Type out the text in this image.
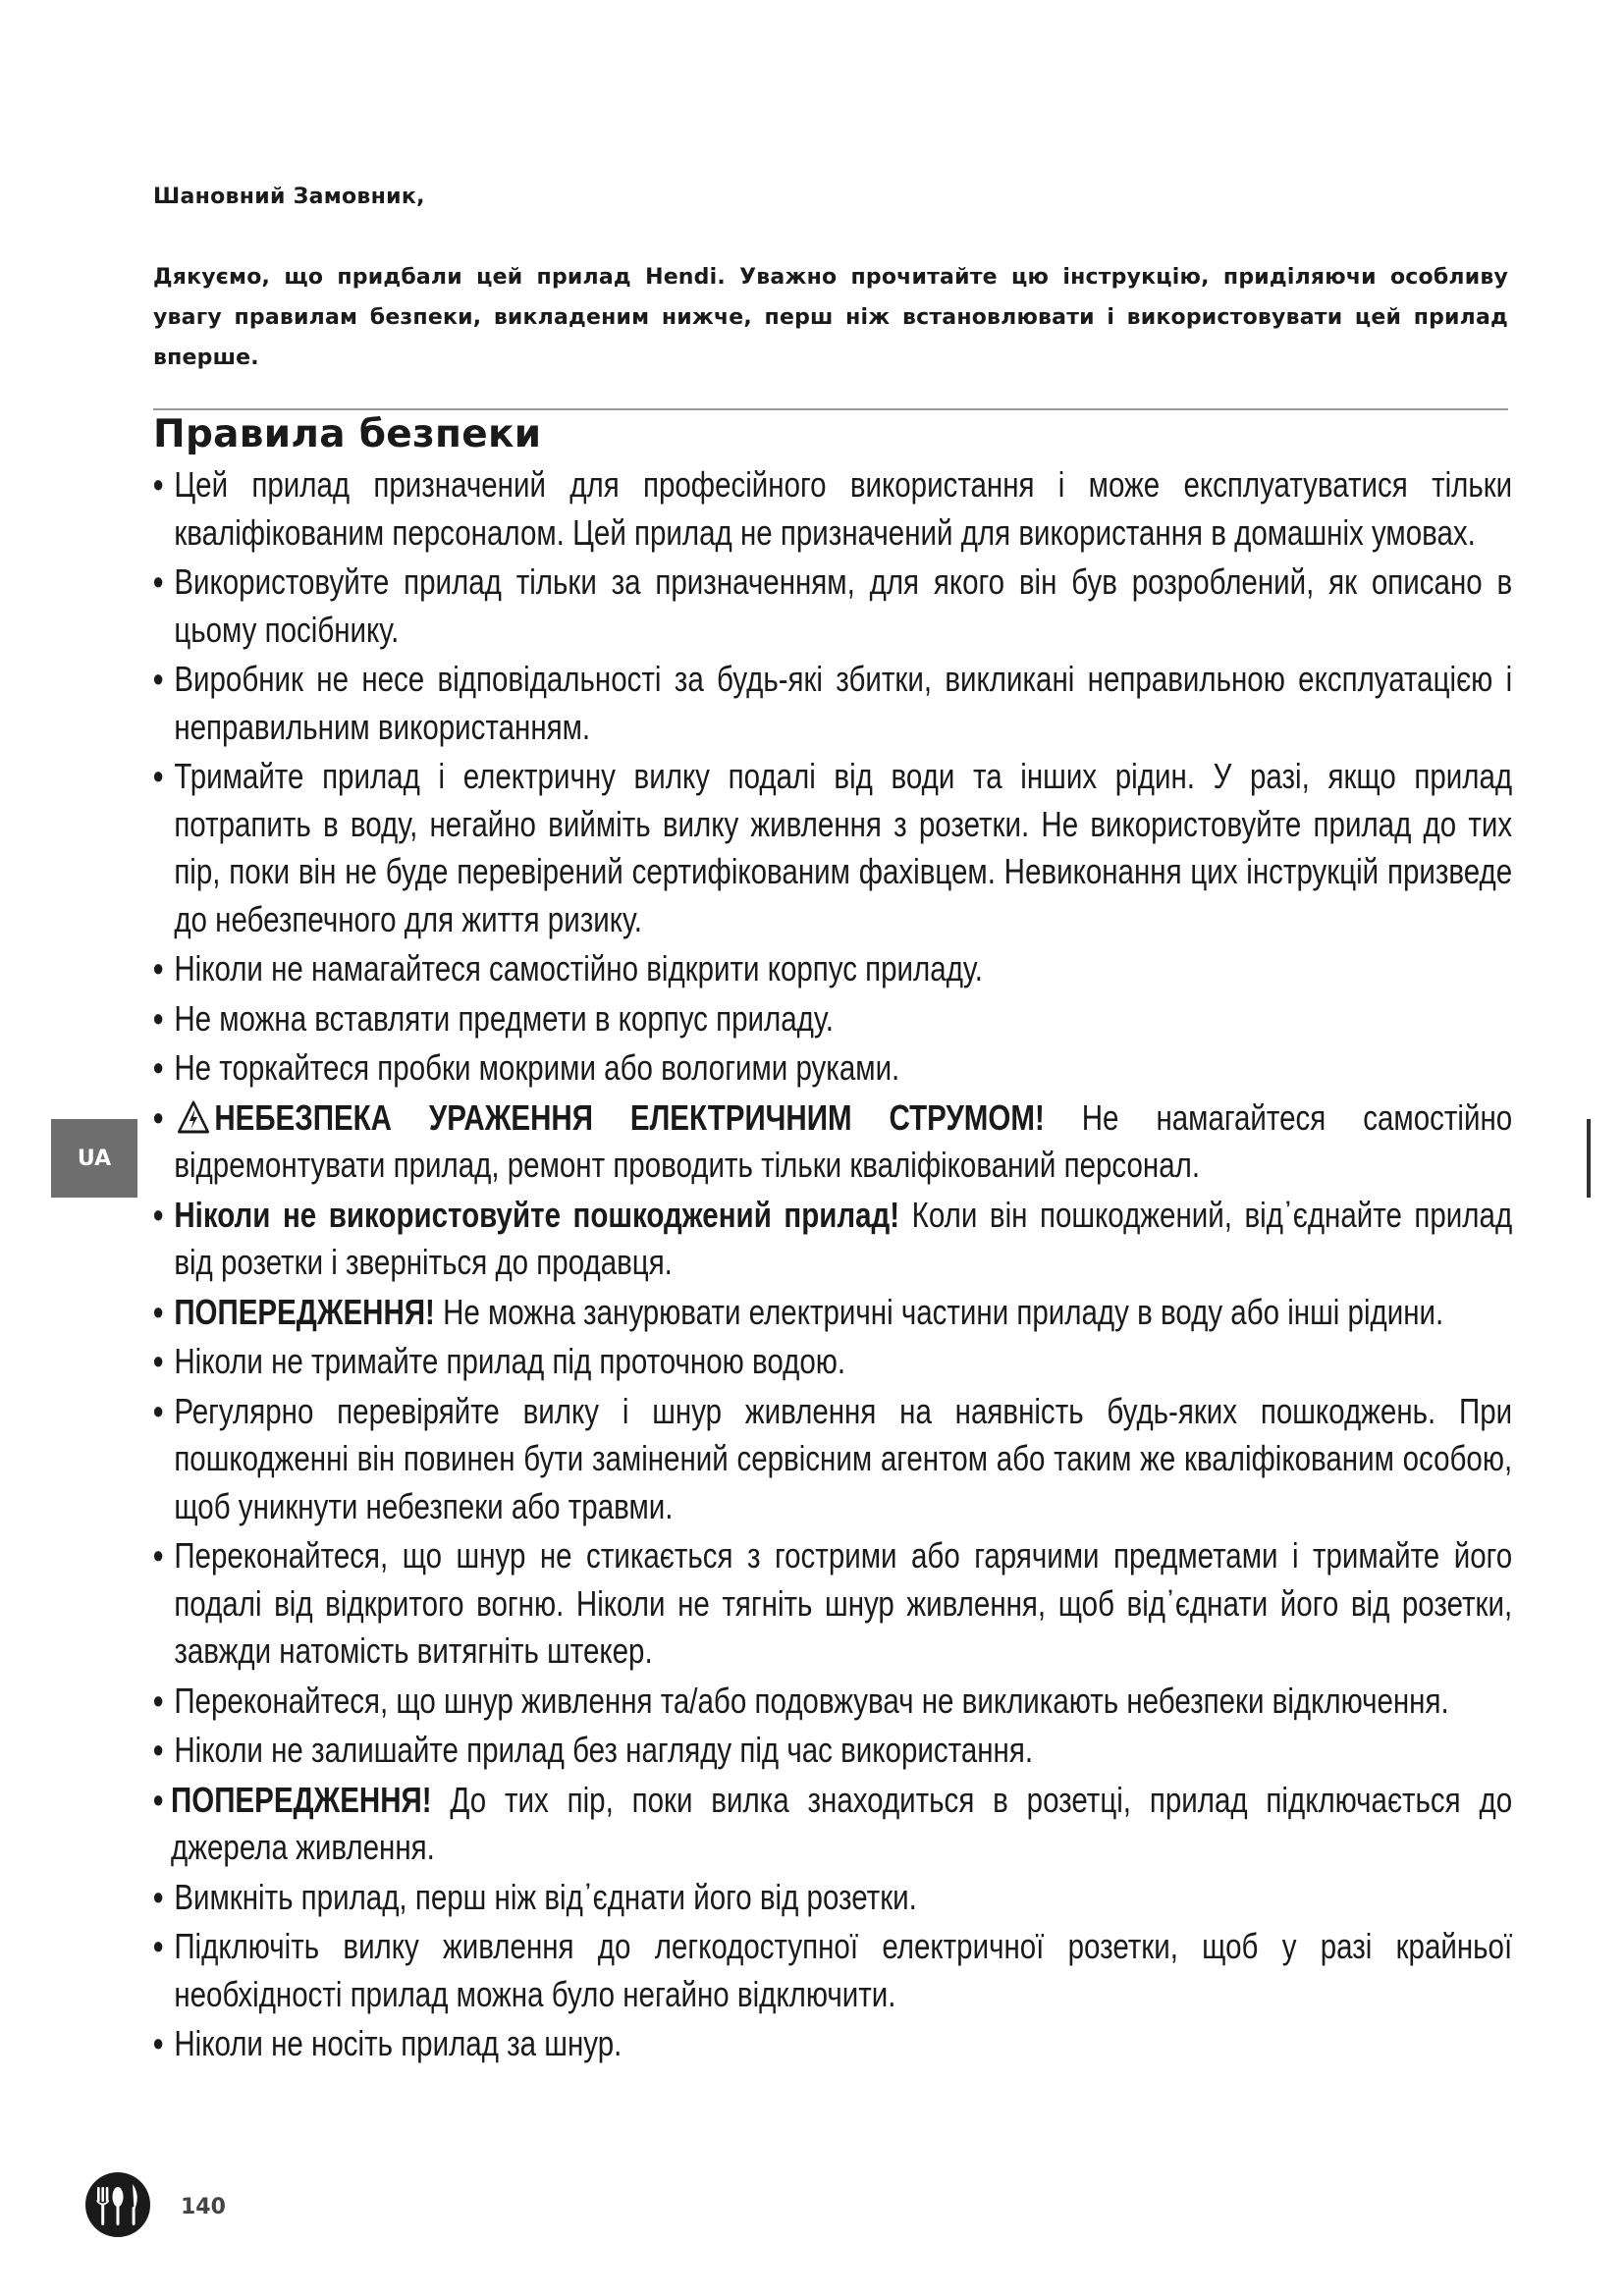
Шановний Замовник,

Дякуємо, що придбали цей прилад Hendi. Уважно прочитайте цю інструкцію, приділяючи особливу увагу правилам безпеки, викладеним нижче, перш ніж встановлювати і використовувати цей прилад вперше.

Правила безпеки
• Цей прилад призначений для професійного використання і може експлуатуватися тільки кваліфікованим персоналом. Цей прилад не призначений для використання в домашніх умовах.
• Використовуйте прилад тільки за призначенням, для якого він був розроблений, як описано в цьому посібнику.
• Виробник не несе відповідальності за будь-які збитки, викликані неправильною експлуатацією і неправильним використанням.
• Тримайте прилад і електричну вилку подалі від води та інших рідин. У разі, якщо прилад потрапить в воду, негайно вийміть вилку живлення з розетки. Не використовуйте прилад до тих пір, поки він не буде перевірений сертифікованим фахівцем. Невиконання цих інструкцій призведе до небезпечного для життя ризику.
• Ніколи не намагайтеся самостійно відкрити корпус приладу.
• Не можна вставляти предмети в корпус приладу.
• Не торкайтеся пробки мокрими або вологими руками.
• НЕБЕЗПЕКА УРАЖЕННЯ ЕЛЕКТРИЧНИМ СТРУМОМ! Не намагайтеся самостійно відремонтувати прилад, ремонт проводить тільки кваліфікований персонал.
• Ніколи не використовуйте пошкоджений прилад! Коли він пошкоджений, від᾿єднайте прилад від розетки і зверніться до продавця.
• ПОПЕРЕДЖЕННЯ! Не можна занурювати електричні частини приладу в воду або інші рідини.
• Ніколи не тримайте прилад під проточною водою.
• Регулярно перевіряйте вилку і шнур живлення на наявність будь-яких пошкоджень. При пошкодженні він повинен бути замінений сервісним агентом або таким же кваліфікованим особою, щоб уникнути небезпеки або травми.
• Переконайтеся, що шнур не стикається з гострими або гарячими предметами і тримайте його подалі від відкритого вогню. Ніколи не тягніть шнур живлення, щоб від᾿єднати його від розетки, завжди натомість витягніть штекер.
• Переконайтеся, що шнур живлення та/або подовжувач не викликають небезпеки відключення.
• Ніколи не залишайте прилад без нагляду під час використання.
• ПОПЕРЕДЖЕННЯ! До тих пір, поки вилка знаходиться в розетці, прилад підключається до джерела живлення.
• Вимкніть прилад, перш ніж від᾿єднати його від розетки.
• Підключіть вилку живлення до легкодоступної електричної розетки, щоб у разі крайньої необхідності прилад можна було негайно відключити.
• Ніколи не носіть прилад за шнур.
UA
140
